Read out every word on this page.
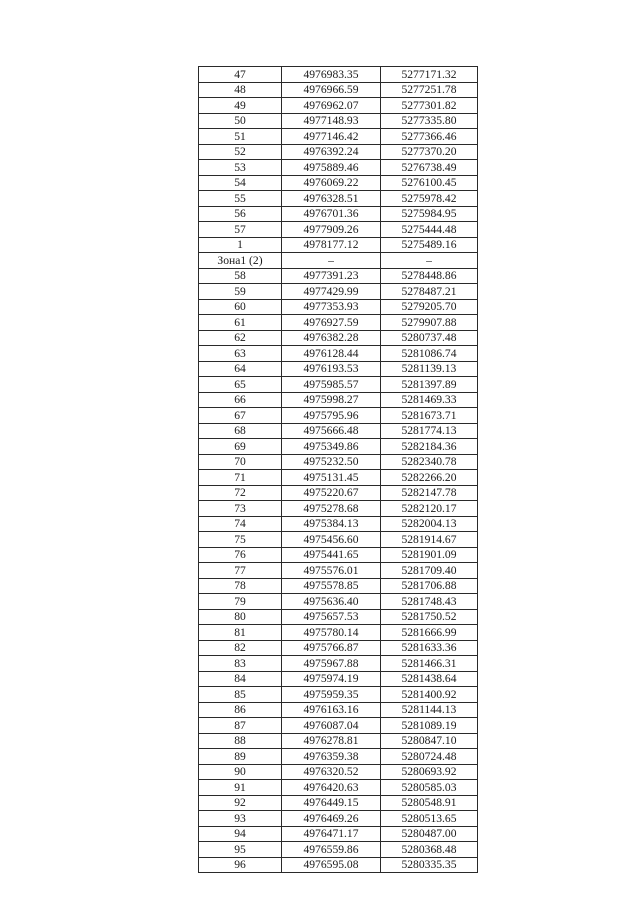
47	4976983.35	5277171.32
48	4976966.59	5277251.78
49	4976962.07	5277301.82
50	4977148.93	5277335.80
51	4977146.42	5277366.46
52	4976392.24	5277370.20
53	4975889.46	5276738.49
54	4976069.22	5276100.45
55	4976328.51	5275978.42
56	4976701.36	5275984.95
57	4977909.26	5275444.48
1	4978177.12	5275489.16
Зона1 (2)	–	–
58	4977391.23	5278448.86
59	4977429.99	5278487.21
60	4977353.93	5279205.70
61	4976927.59	5279907.88
62	4976382.28	5280737.48
63	4976128.44	5281086.74
64	4976193.53	5281139.13
65	4975985.57	5281397.89
66	4975998.27	5281469.33
67	4975795.96	5281673.71
68	4975666.48	5281774.13
69	4975349.86	5282184.36
70	4975232.50	5282340.78
71	4975131.45	5282266.20
72	4975220.67	5282147.78
73	4975278.68	5282120.17
74	4975384.13	5282004.13
75	4975456.60	5281914.67
76	4975441.65	5281901.09
77	4975576.01	5281709.40
78	4975578.85	5281706.88
79	4975636.40	5281748.43
80	4975657.53	5281750.52
81	4975780.14	5281666.99
82	4975766.87	5281633.36
83	4975967.88	5281466.31
84	4975974.19	5281438.64
85	4975959.35	5281400.92
86	4976163.16	5281144.13
87	4976087.04	5281089.19
88	4976278.81	5280847.10
89	4976359.38	5280724.48
90	4976320.52	5280693.92
91	4976420.63	5280585.03
92	4976449.15	5280548.91
93	4976469.26	5280513.65
94	4976471.17	5280487.00
95	4976559.86	5280368.48
96	4976595.08	5280335.35
